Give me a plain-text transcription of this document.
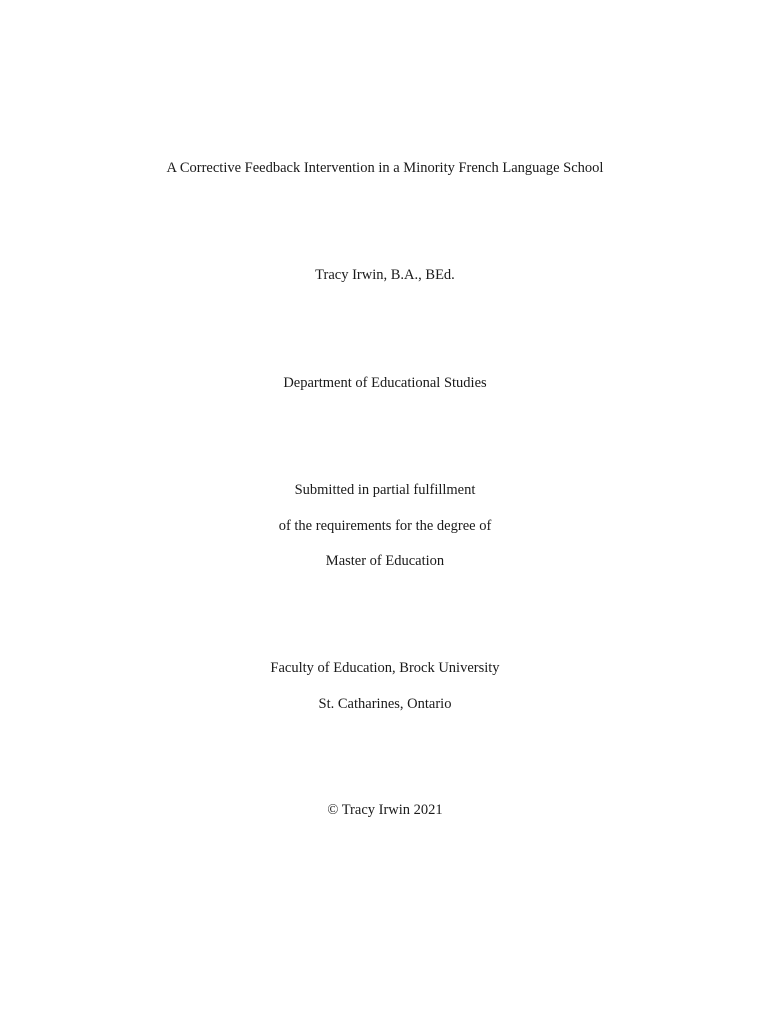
A Corrective Feedback Intervention in a Minority French Language School
Tracy Irwin, B.A., BEd.
Department of Educational Studies
Submitted in partial fulfillment
of the requirements for the degree of
Master of Education
Faculty of Education, Brock University
St. Catharines, Ontario
© Tracy Irwin 2021
